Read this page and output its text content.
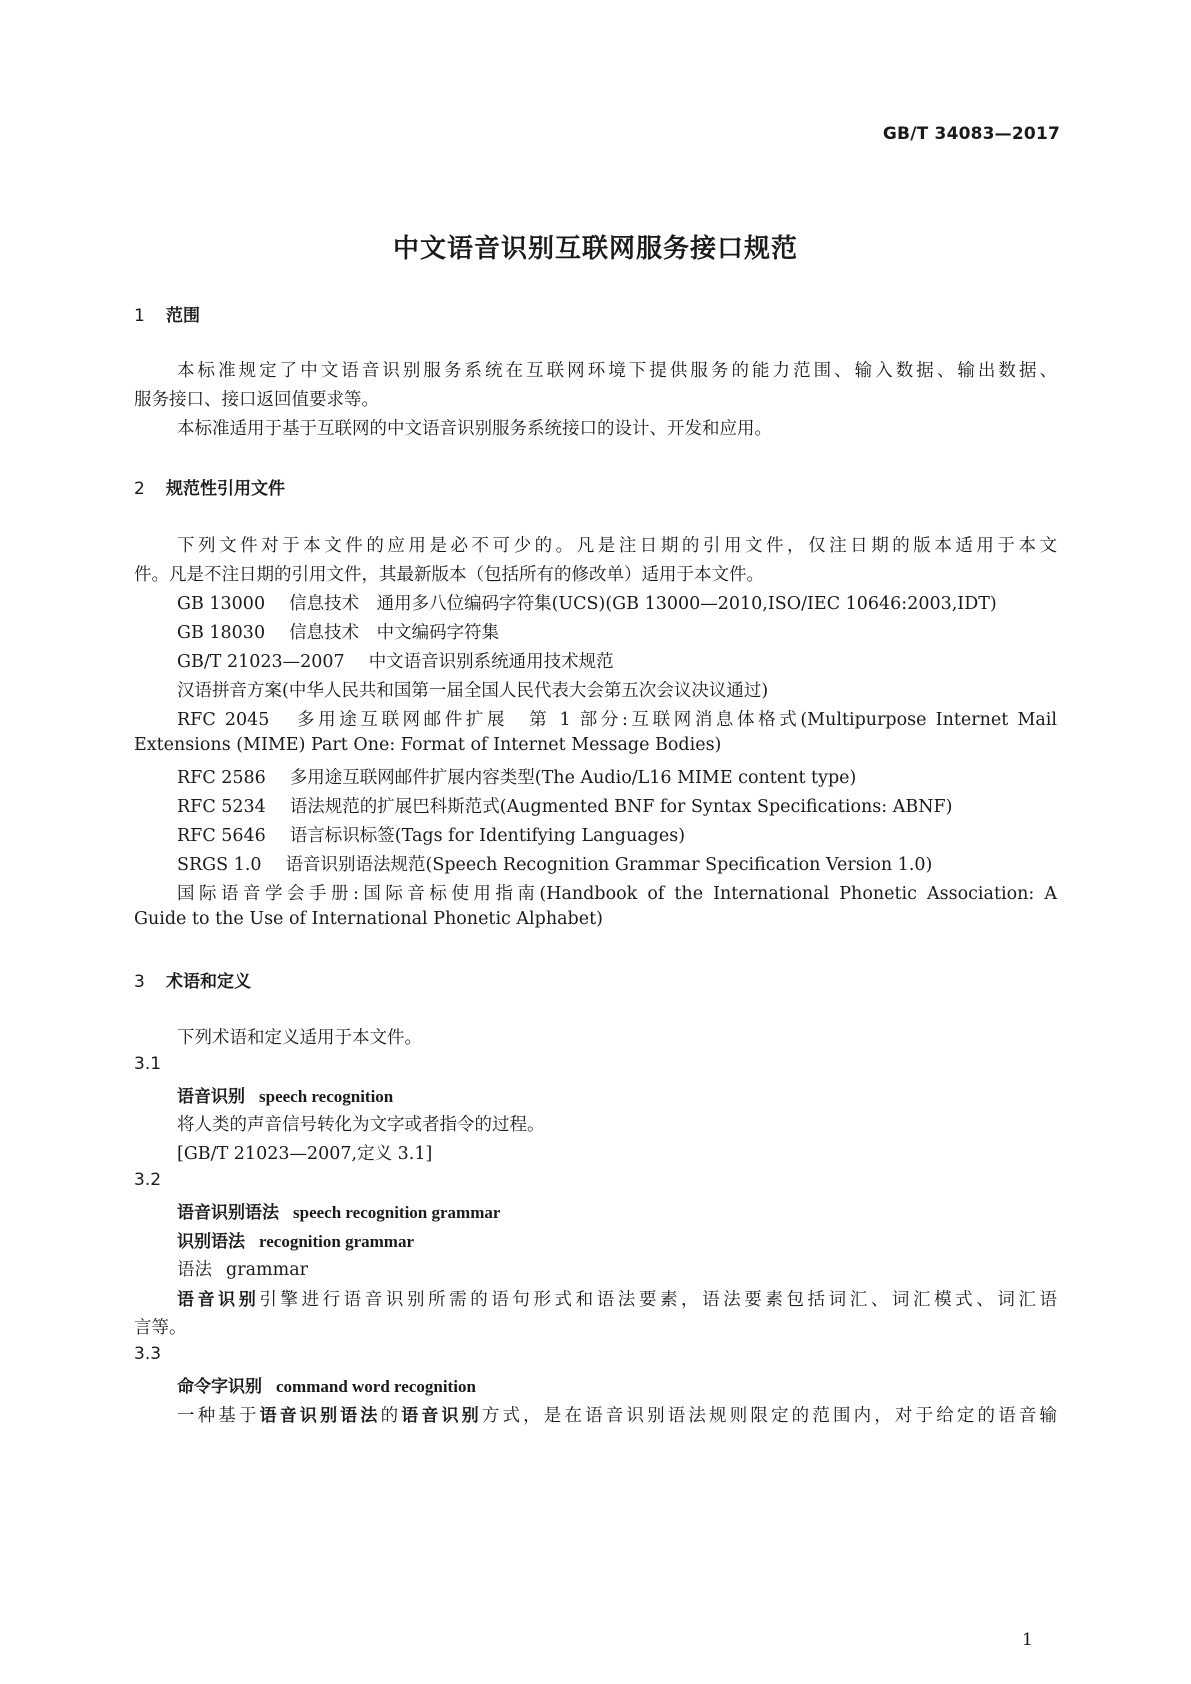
GB/T 34083—2017
中文语音识别互联网服务接口规范
1 范围
本标准规定了中文语音识别服务系统在互联网环境下提供服务的能力范围、输入数据、输出数据、
服务接口、接口返回值要求等。
本标准适用于基于互联网的中文语音识别服务系统接口的设计、开发和应用。
2 规范性引用文件
下列文件对于本文件的应用是必不可少的。凡是注日期的引用文件，仅注日期的版本适用于本文
件。凡是不注日期的引用文件，其最新版本（包括所有的修改单）适用于本文件。
GB 13000 信息技术　通用多八位编码字符集(UCS)(GB 13000—2010,ISO/IEC 10646:2003,IDT)
GB 18030 信息技术　中文编码字符集
GB/T 21023—2007 中文语音识别系统通用技术规范
汉语拼音方案(中华人民共和国第一届全国人民代表大会第五次会议决议通过)
RFC 2045 多用途互联网邮件扩展　第 1 部分:互联网消息体格式(Multipurpose Internet Mail
Extensions (MIME) Part One: Format of Internet Message Bodies)
RFC 2586 多用途互联网邮件扩展内容类型(The Audio/L16 MIME content type)
RFC 5234 语法规范的扩展巴科斯范式(Augmented BNF for Syntax Specifications: ABNF)
RFC 5646 语言标识标签(Tags for Identifying Languages)
SRGS 1.0 语音识别语法规范(Speech Recognition Grammar Specification Version 1.0)
国际语音学会手册:国际音标使用指南(Handbook of the International Phonetic Association: A
Guide to the Use of International Phonetic Alphabet)
3 术语和定义
下列术语和定义适用于本文件。
3.1
语音识别 speech recognition
将人类的声音信号转化为文字或者指令的过程。
[GB/T 21023—2007,定义 3.1]
3.2
语音识别语法 speech recognition grammar
识别语法 recognition grammar
语法 grammar
语音识别引擎进行语音识别所需的语句形式和语法要素，语法要素包括词汇、词汇模式、词汇语
言等。
3.3
命令字识别 command word recognition
一种基于语音识别语法的语音识别方式，是在语音识别语法规则限定的范围内，对于给定的语音输
1
